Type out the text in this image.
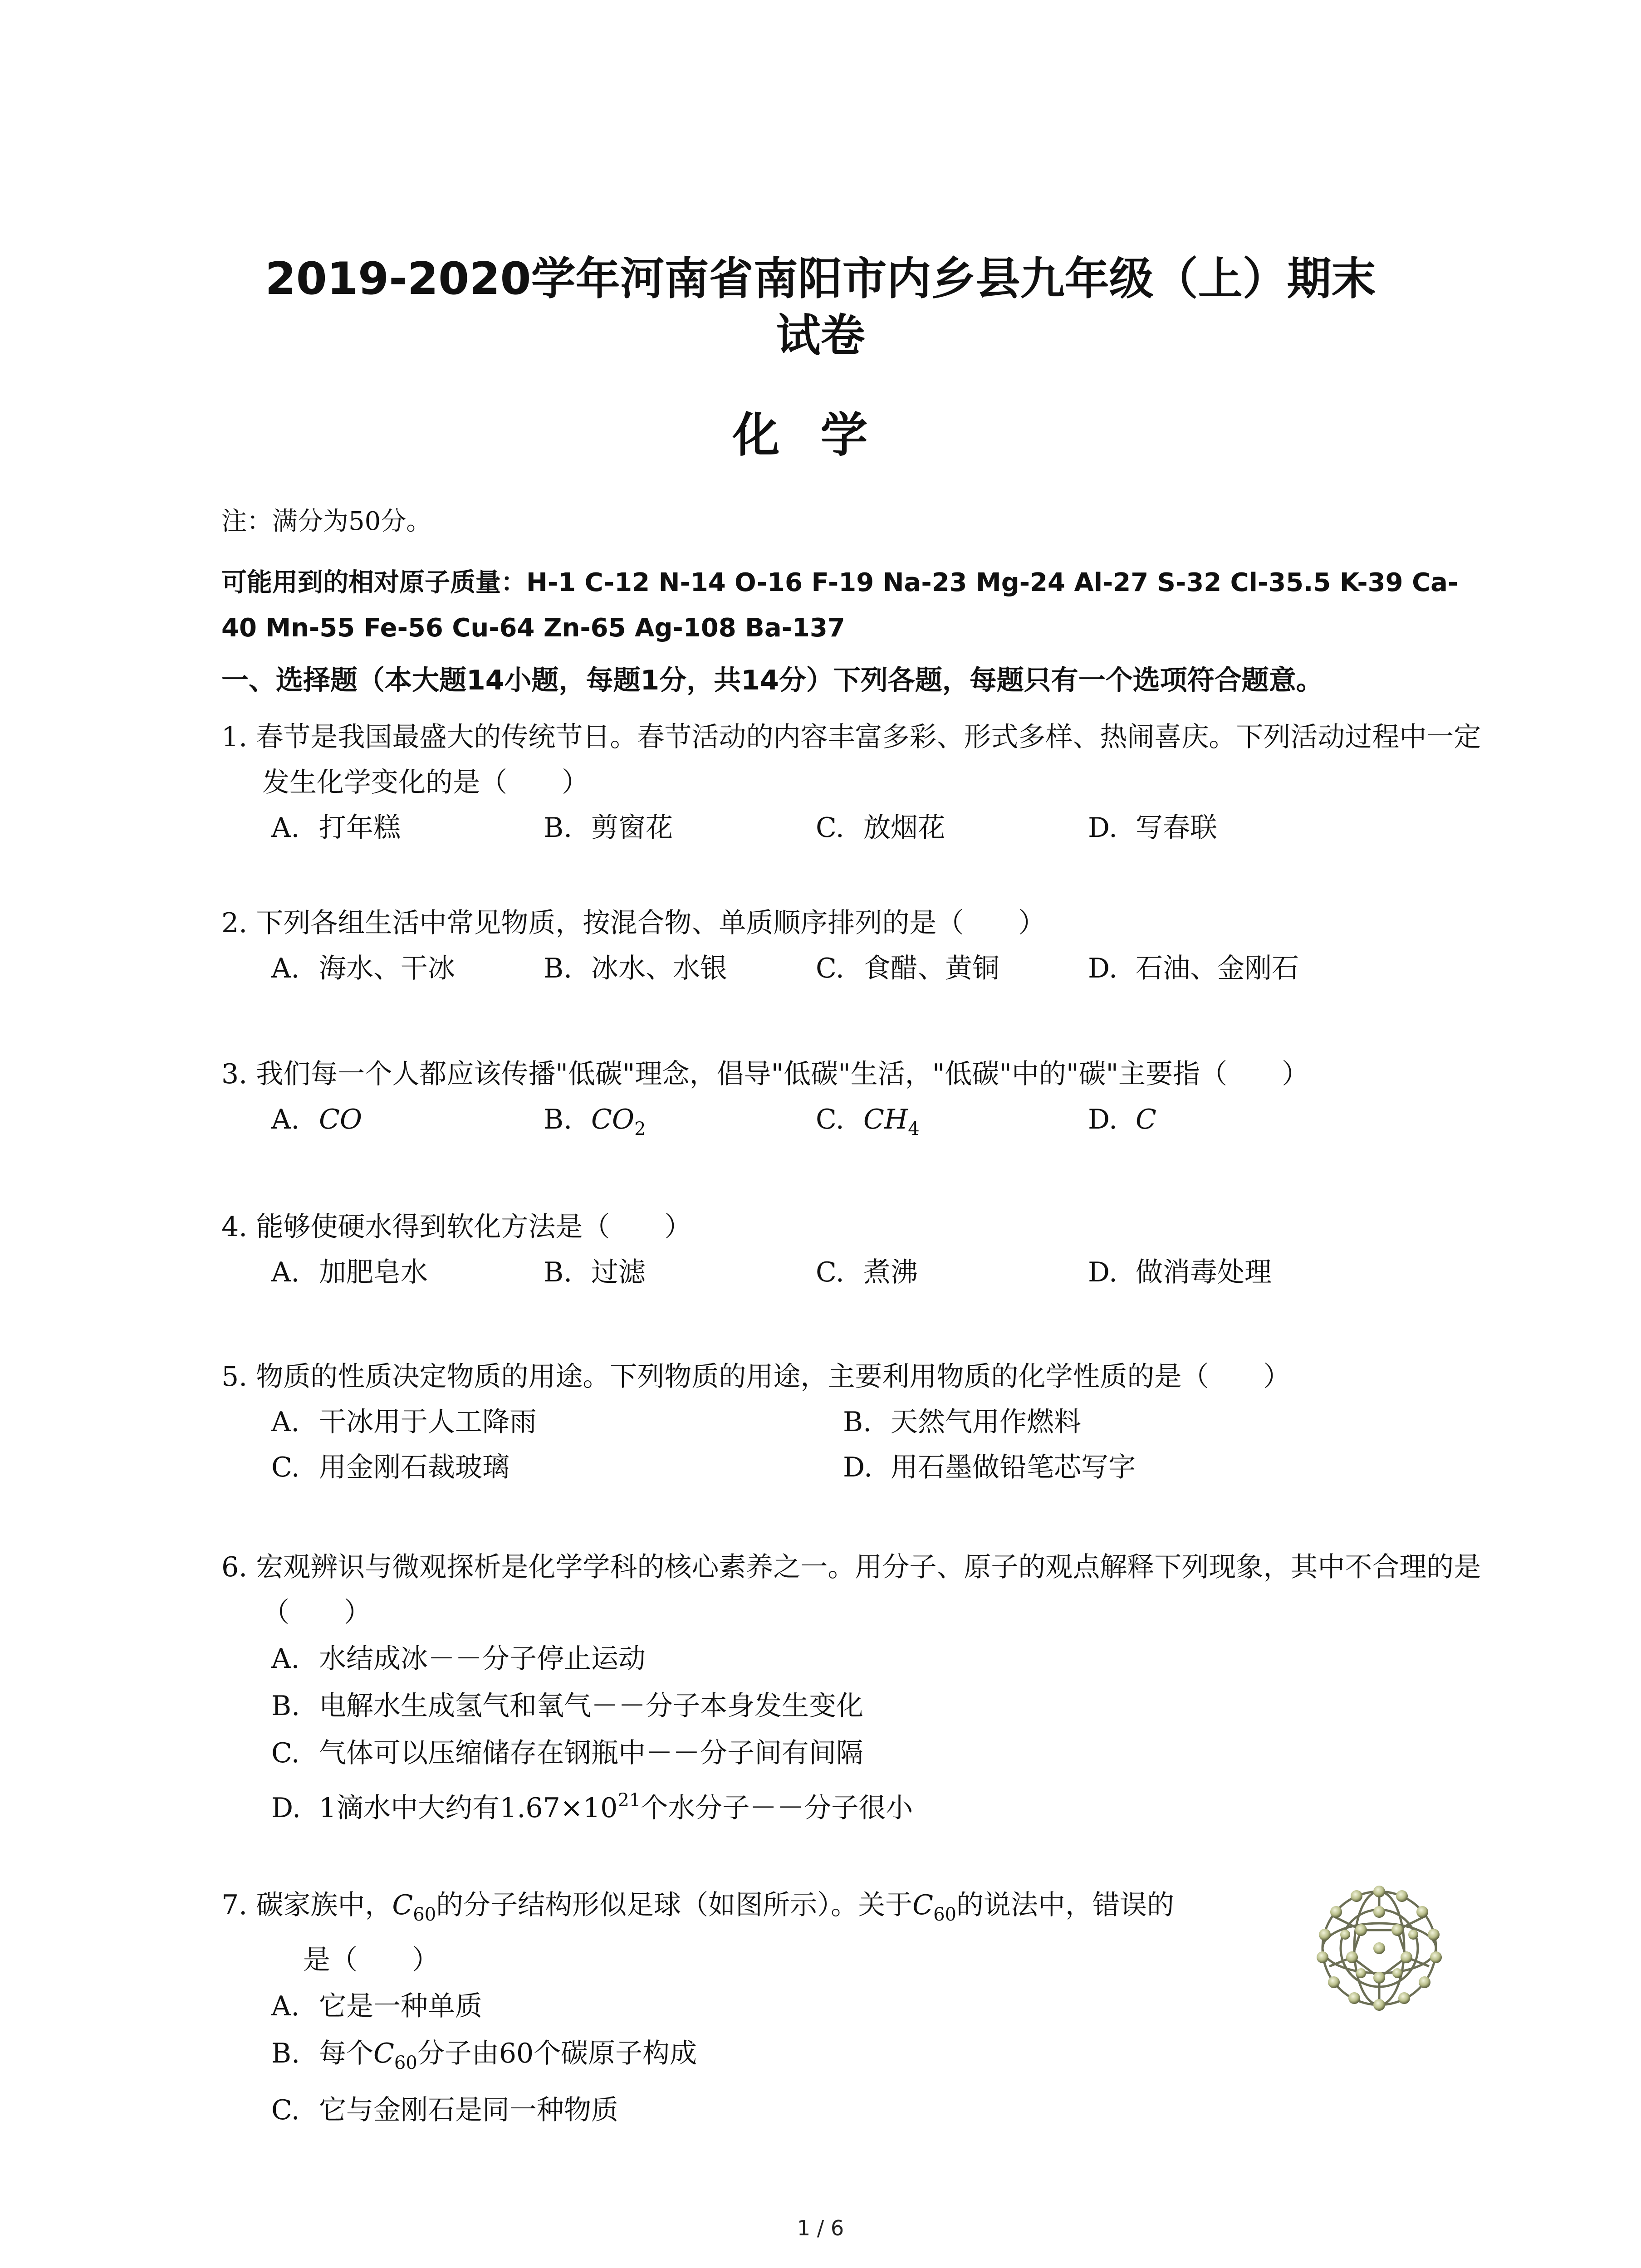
2019-2020学年河南省南阳市内乡县九年级（上）期末
试卷
化学
注：满分为50分。
可能用到的相对原子质量：H-1 C-12 N-14 O-16 F-19 Na-23 Mg-24 Al-27 S-32 Cl-35.5 K-39 Ca-40 Mn-55 Fe-56 Cu-64 Zn-65 Ag-108 Ba-137
一、选择题（本大题14小题，每题1分，共14分）下列各题，每题只有一个选项符合题意。
1. 春节是我国最盛大的传统节日。春节活动的内容丰富多彩、形式多样、热闹喜庆。下列活动过程中一定发生化学变化的是（　　）
A. 打年糕	B. 剪窗花	C. 放烟花	D. 写春联
2. 下列各组生活中常见物质，按混合物、单质顺序排列的是（　　）
A. 海水、干冰	B. 冰水、水银	C. 食醋、黄铜	D. 石油、金刚石
3. 我们每一个人都应该传播"低碳"理念，倡导"低碳"生活，"低碳"中的"碳"主要指（　　）
A. CO	B. $CO_2$	C. $CH_4$	D. C
4. 能够使硬水得到软化方法是（　　）
A. 加肥皂水	B. 过滤	C. 煮沸	D. 做消毒处理
5. 物质的性质决定物质的用途。下列物质的用途，主要利用物质的化学性质的是（　　）
A. 干冰用于人工降雨	B. 天然气用作燃料
C. 用金刚石裁玻璃	D. 用石墨做铅笔芯写字
6. 宏观辨识与微观探析是化学学科的核心素养之一。用分子、原子的观点解释下列现象，其中不合理的是（　　）
A. 水结成冰－－分子停止运动
B. 电解水生成氢气和氧气－－分子本身发生变化
C. 气体可以压缩储存在钢瓶中－－分子间有间隔
D. 1滴水中大约有$1.67\times 10^{21}$个水分子－－分子很小
7. 碳家族中，$C_{60}$的分子结构形似足球（如图所示）。关于$C_{60}$的说法中，错误的
是（　　）
A. 它是一种单质
B. 每个$C_{60}$分子由60个碳原子构成
C. 它与金刚石是同一种物质
1 / 6
